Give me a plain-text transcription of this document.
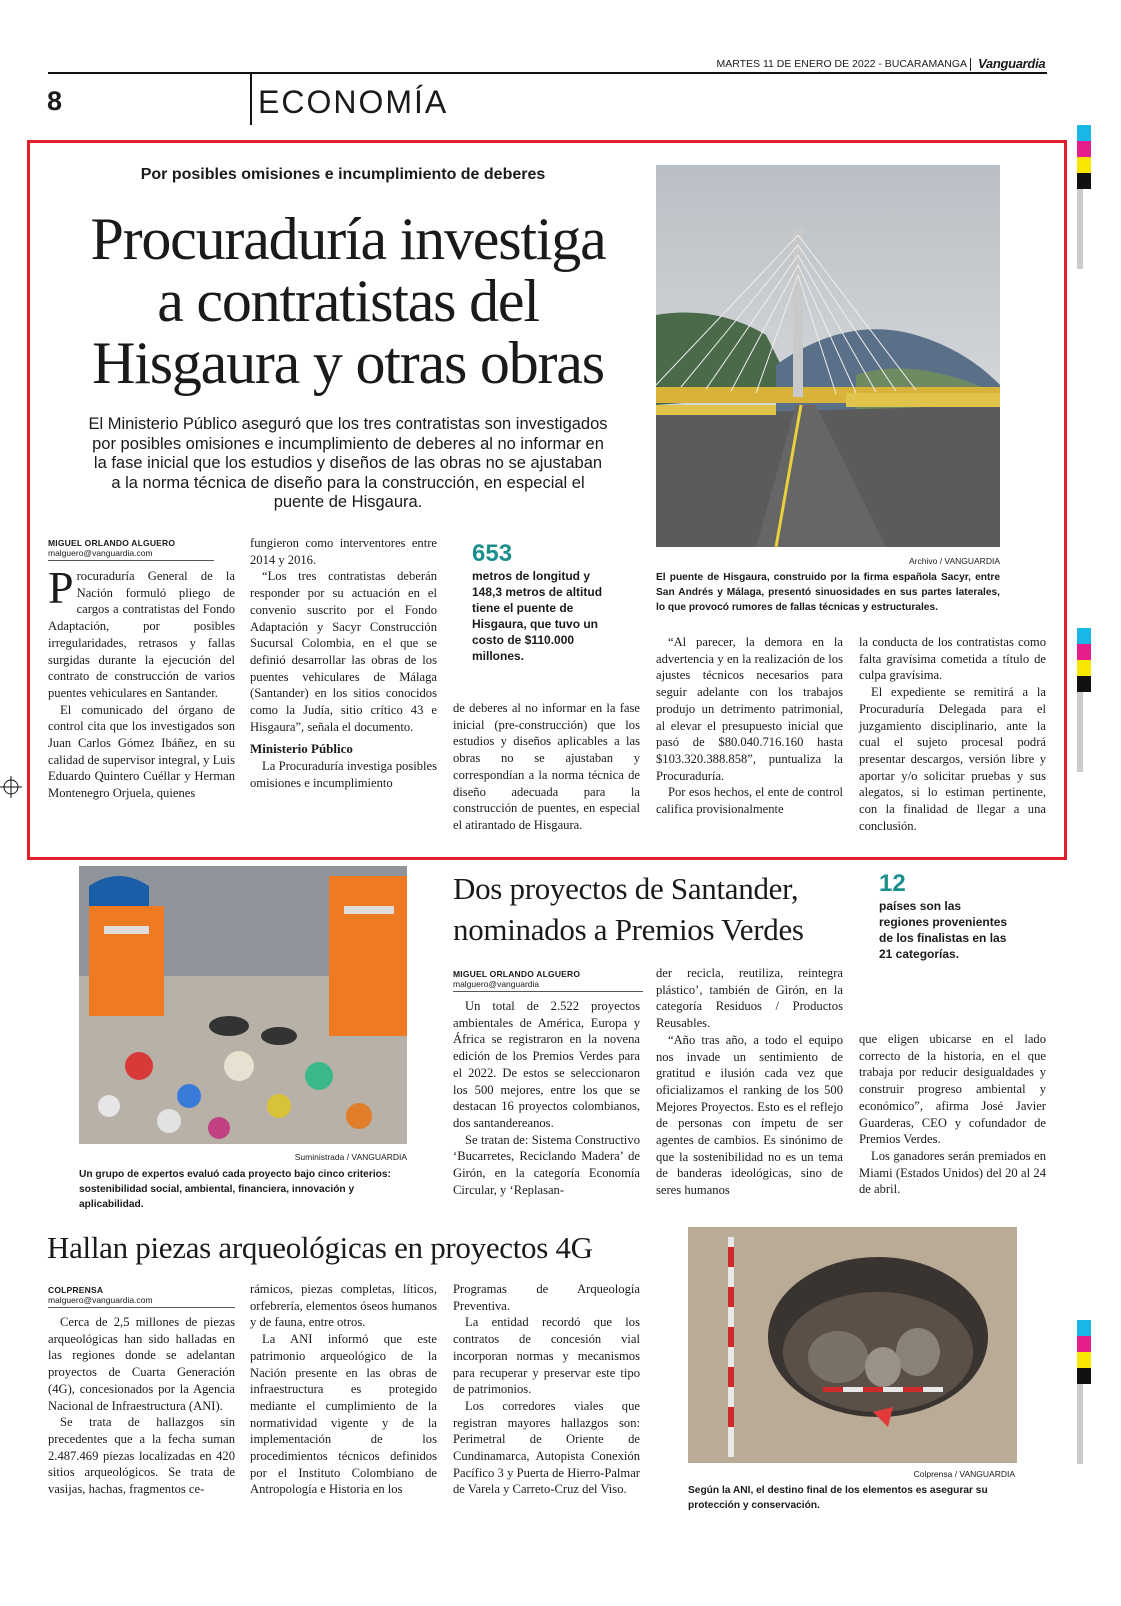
MARTES 11 DE ENERO DE 2022 - BUCARAMANGA Vanguardia
8	ECONOMÍA
Por posibles omisiones e incumplimiento de deberes
Procuraduría investiga
a contratistas del
Hisgaura y otras obras
El Ministerio Público aseguró que los tres contratistas son investigados por posibles omisiones e incumplimiento de deberes al no informar en la fase inicial que los estudios y diseños de las obras no se ajustaban a la norma técnica de diseño para la construcción, en especial el puente de Hisgaura.
Archivo / VANGUARDIA
El puente de Hisgaura, construido por la firma española Sacyr, entre San Andrés y Málaga, presentó sinuosidades en sus partes laterales, lo que provocó rumores de fallas técnicas y estructurales.
MIGUEL ORLANDO ALGUERO
malguero@vanguardia.com

Procuraduría General de la Nación formuló pliego de cargos a contratistas del Fondo Adaptación, por posibles irregularidades, retrasos y fallas surgidas durante la ejecución del contrato de construcción de varios puentes vehiculares en Santander.

El comunicado del órgano de control cita que los investigados son Juan Carlos Gómez Ibáñez, en su calidad de supervisor integral, y Luis Eduardo Quintero Cuéllar y Herman Montenegro Orjuela, quienes

fungieron como interventores entre 2014 y 2016.

“Los tres contratistas deberán responder por su actuación en el convenio suscrito por el Fondo Adaptación y Sacyr Construcción Sucursal Colombia, en el que se definió desarrollar las obras de los puentes vehiculares de Málaga (Santander) en los sitios conocidos como la Judía, sitio crítico 43 e Hisgaura”, señala el documento.

Ministerio Público

La Procuraduría investiga posibles omisiones e incumplimiento

653
metros de longitud y 148,3 metros de altitud tiene el puente de Hisgaura, que tuvo un costo de $110.000 millones.

de deberes al no informar en la fase inicial (pre-construcción) que los estudios y diseños aplicables a las obras no se ajustaban y correspondían a la norma técnica de diseño adecuada para la construcción de puentes, en especial el atirantado de Hisgaura.

“Al parecer, la demora en la advertencia y en la realización de los ajustes técnicos necesarios para seguir adelante con los trabajos produjo un detrimento patrimonial, al elevar el presupuesto inicial que pasó de $80.040.716.160 hasta $103.320.388.858”, puntualiza la Procuraduría.

Por esos hechos, el ente de control califica provisionalmente

la conducta de los contratistas como falta gravísima cometida a título de culpa gravísima.

El expediente se remitirá a la Procuraduría Delegada para el juzgamiento disciplinario, ante la cual el sujeto procesal podrá presentar descargos, versión libre y aportar y/o solicitar pruebas y sus alegatos, si lo estiman pertinente, con la finalidad de llegar a una conclusión.

Suministrada / VANGUARDIA
Un grupo de expertos evaluó cada proyecto bajo cinco criterios: sostenibilidad social, ambiental, financiera, innovación y aplicabilidad.
Dos proyectos de Santander,
nominados a Premios Verdes
12
países son las regiones provenientes de los finalistas en las 21 categorías.
MIGUEL ORLANDO ALGUERO
malguero@vanguardia

Un total de 2.522 proyectos ambientales de América, Europa y África se registraron en la novena edición de los Premios Verdes para el 2022. De estos se seleccionaron los 500 mejores, entre los que se destacan 16 proyectos colombianos, dos santandereanos.

Se tratan de: Sistema Constructivo ‘Bucarretes, Reciclando Madera’ de Girón, en la categoría Economía Circular, y ‘Replasan-

der recicla, reutiliza, reintegra plástico’, también de Girón, en la categoría Residuos / Productos Reusables.

“Año tras año, a todo el equipo nos invade un sentimiento de gratitud e ilusión cada vez que oficializamos el ranking de los 500 Mejores Proyectos. Esto es el reflejo de personas con ímpetu de ser agentes de cambios. Es sinónimo de que la sostenibilidad no es un tema de banderas ideológicas, sino de seres humanos

que eligen ubicarse en el lado correcto de la historia, en el que trabaja por reducir desigualdades y construir progreso ambiental y económico”, afirma José Javier Guarderas, CEO y cofundador de Premios Verdes.

Los ganadores serán premiados en Miami (Estados Unidos) del 20 al 24 de abril.

Hallan piezas arqueológicas en proyectos 4G
COLPRENSA
malguero@vanguardia.com

Cerca de 2,5 millones de piezas arqueológicas han sido halladas en las regiones donde se adelantan proyectos de Cuarta Generación (4G), concesionados por la Agencia Nacional de Infraestructura (ANI).

Se trata de hallazgos sin precedentes que a la fecha suman 2.487.469 piezas localizadas en 420 sitios arqueológicos. Se trata de vasijas, hachas, fragmentos ce-

rámicos, piezas completas, líticos, orfebrería, elementos óseos humanos y de fauna, entre otros.

La ANI informó que este patrimonio arqueológico de la Nación presente en las obras de infraestructura es protegido mediante el cumplimiento de la normatividad vigente y de la implementación de los procedimientos técnicos definidos por el Instituto Colombiano de Antropología e Historia en los

Programas de Arqueología Preventiva.

La entidad recordó que los contratos de concesión vial incorporan normas y mecanismos para recuperar y preservar este tipo de patrimonios.

Los corredores viales que registran mayores hallazgos son: Perimetral de Oriente de Cundinamarca, Autopista Conexión Pacífico 3 y Puerta de Hierro-Palmar de Varela y Carreto-Cruz del Viso.

Colprensa / VANGUARDIA
Según la ANI, el destino final de los elementos es asegurar su protección y conservación.
